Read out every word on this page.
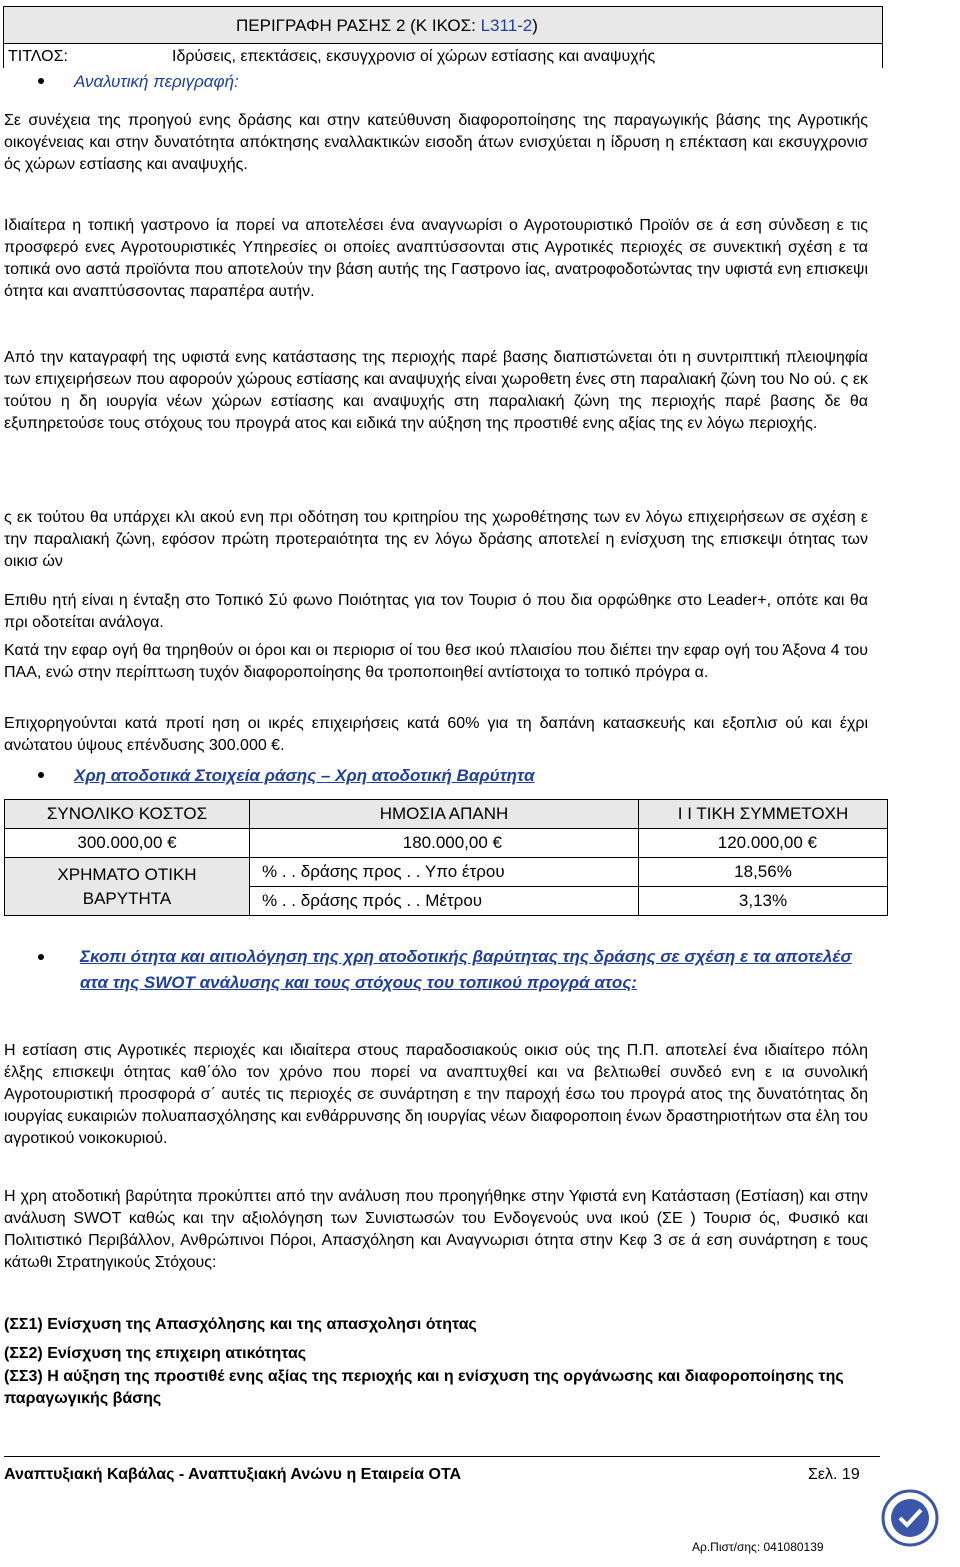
ΠΕΡΙΓΡΑΦΗ ΡΑΣΗΣ 2 (Κ ΙΚΟΣ: L311-2)
ΤΙΤΛΟΣ:	Ιδρύσεις, επεκτάσεις, εκσυγχρονισ οί χώρων εστίασης και αναψυχής
Αναλυτική περιγραφή:

Σε συνέχεια της προηγού ενης δράσης και στην κατεύθυνση διαφοροποίησης της παραγωγικής βάσης της Αγροτικής οικογένειας και στην δυνατότητα απόκτησης εναλλακτικών εισοδη άτων ενισχύεται η ίδρυση η επέκταση και εκσυγχρονισ ός χώρων εστίασης και αναψυχής.

Ιδιαίτερα η τοπική γαστρονο ία πορεί να αποτελέσει ένα αναγνωρίσι ο Αγροτουριστικό Προϊόν σε ά εση σύνδεση ε τις προσφερό ενες Αγροτουριστικές Υπηρεσίες οι οποίες αναπτύσσονται στις Αγροτικές περιοχές σε συνεκτική σχέση ε τα τοπικά ονο αστά προϊόντα που αποτελούν την βάση αυτής της Γαστρονο ίας, ανατροφοδοτώντας την υφιστά ενη επισκεψι ότητα και αναπτύσσοντας παραπέρα αυτήν.

Από την καταγραφή της υφιστά ενης κατάστασης της περιοχής παρέ βασης διαπιστώνεται ότι η συντριπτική πλειοψηφία των επιχειρήσεων που αφορούν χώρους εστίασης και αναψυχής είναι χωροθετη ένες στη παραλιακή ζώνη του Νο ού. ς εκ τούτου η δη ιουργία νέων χώρων εστίασης και αναψυχής στη παραλιακή ζώνη της περιοχής παρέ βασης δε θα εξυπηρετούσε τους στόχους του προγρά ατος και ειδικά την αύξηση της προστιθέ ενης αξίας της εν λόγω περιοχής.

ς εκ τούτου θα υπάρχει κλι ακού ενη πρι οδότηση του κριτηρίου της χωροθέτησης των εν λόγω επιχειρήσεων σε σχέση ε την παραλιακή ζώνη, εφόσον πρώτη προτεραιότητα της εν λόγω δράσης αποτελεί η ενίσχυση της επισκεψι ότητας των οικισ ών

Επιθυ ητή είναι η ένταξη στο Τοπικό Σύ φωνο Ποιότητας για τον Τουρισ ό που δια ορφώθηκε στο Leader+, οπότε και θα πρι οδοτείται ανάλογα.

Κατά την εφαρ ογή θα τηρηθούν οι όροι και οι περιορισ οί του θεσ ικού πλαισίου που διέπει την εφαρ ογή του Άξονα 4 του ΠΑΑ, ενώ στην περίπτωση τυχόν διαφοροποίησης θα τροποποιηθεί αντίστοιχα το τοπικό πρόγρα α.

Επιχορηγούνται κατά προτί ηση οι ικρές επιχειρήσεις κατά 60% για τη δαπάνη κατασκευής και εξοπλισ ού και έχρι ανώτατου ύψους επένδυσης 300.000 €.

Χρη ατοδοτικά Στοιχεία ράσης – Χρη ατοδοτική Βαρύτητα
ΣΥΝΟΛΙΚΟ ΚΟΣΤΟΣ	ΗΜΟΣΙΑ ΑΠΑΝΗ	Ι Ι ΤΙΚΗ ΣΥΜΜΕΤΟΧΗ
300.000,00 €	180.000,00 €	120.000,00 €

ΧΡΗΜΑΤΟ ΟΤΙΚΗ
ΒΑΡΥΤΗΤΑ	% . . δράσης προς . . Υπο έτρου	18,56%
	% . . δράσης πρός . . Μέτρου	3,13%
Σκοπι ότητα και αιτιολόγηση της χρη ατοδοτικής βαρύτητας της δράσης σε σχέση ε τα αποτελέσ ατα της SWOT ανάλυσης και τους στόχους του τοπικού προγρά ατος:

Η εστίαση στις Αγροτικές περιοχές και ιδιαίτερα στους παραδοσιακούς οικισ ούς της Π.Π. αποτελεί ένα ιδιαίτερο πόλη έλξης επισκεψι ότητας καθ΄όλο τον χρόνο που πορεί να αναπτυχθεί και να βελτιωθεί συνδεό ενη ε ια συνολική Αγροτουριστική προσφορά σ΄ αυτές τις περιοχές σε συνάρτηση ε την παροχή έσω του προγρά ατος της δυνατότητας δη ιουργίας ευκαιριών πολυαπασχόλησης και ενθάρρυνσης δη ιουργίας νέων διαφοροποιη ένων δραστηριοτήτων στα έλη του αγροτικού νοικοκυριού.

Η χρη ατοδοτική βαρύτητα προκύπτει από την ανάλυση που προηγήθηκε στην Υφιστά ενη Κατάσταση (Εστίαση) και στην ανάλυση SWOT καθώς και την αξιολόγηση των Συνιστωσών του Ενδογενούς υνα ικού (ΣΕ ) Τουρισ ός, Φυσικό και Πολιτιστικό Περιβάλλον, Ανθρώπινοι Πόροι, Απασχόληση και Αναγνωρισι ότητα στην Κεφ 3 σε ά εση συνάρτηση ε τους κάτωθι Στρατηγικούς Στόχους:

(ΣΣ1) Ενίσχυση της Απασχόλησης και της απασχολησι ότητας
(ΣΣ2) Ενίσχυση της επιχειρη ατικότητας
(ΣΣ3) Η αύξηση της προστιθέ ενης αξίας της περιοχής και η ενίσχυση της οργάνωσης και διαφοροποίησης της παραγωγικής βάσης
Αναπτυξιακή Καβάλας - Αναπτυξιακή Ανώνυ η Εταιρεία ΟΤΑ	Σελ. 19
Αρ.Πιστ/σης: 041080139
